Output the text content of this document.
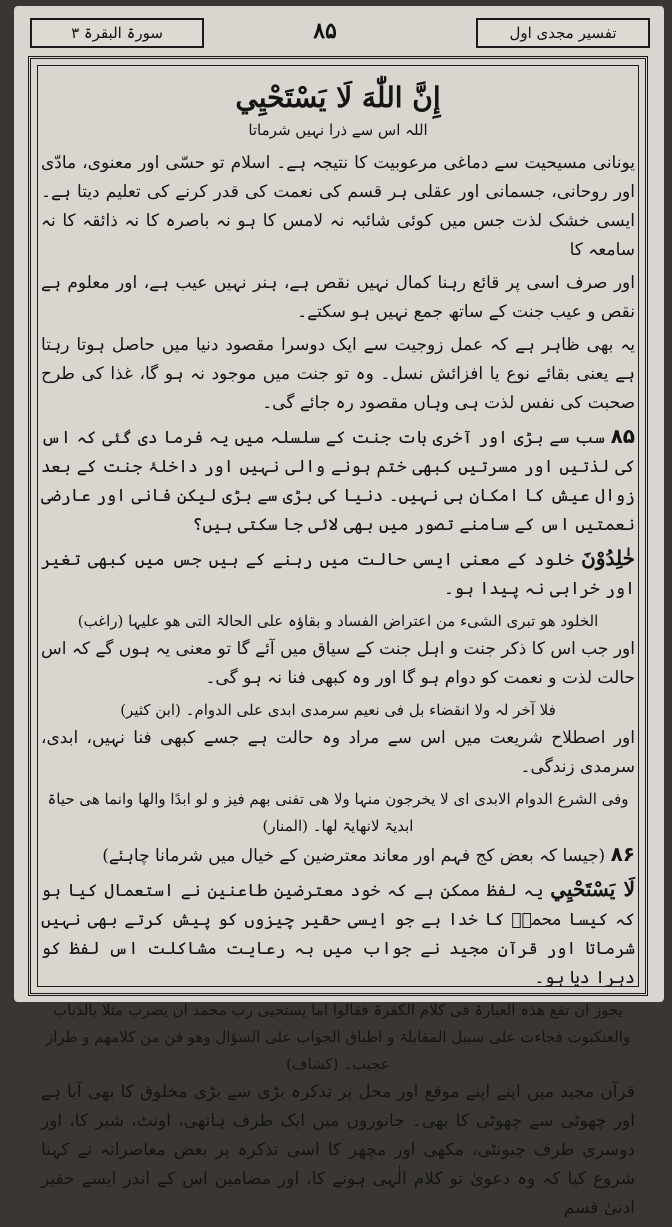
تفسیر مجدی اول
۸۵
سورۃ البقرۃ ۳
إِنَّ اللّٰهَ لَا يَسْتَحْيِي
اللہ اس سے ذرا نہیں شرماتا

یونانی مسیحیت سے دماغی مرعوبیت کا نتیجہ ہے۔ اسلام تو حسّی اور معنوی، مادّی اور روحانی، جسمانی اور عقلی ہر قسم کی نعمت کی قدر کرنے کی تعلیم دیتا ہے۔ ایسی خشک لذت جس میں کوئی شائبہ نہ لامس کا ہو نہ باصرہ کا نہ ذائقہ کا نہ سامعہ کا

اور صرف اسی پر قائع رہنا کمال نہیں نقص ہے، ہنر نہیں عیب ہے، اور معلوم ہے نقص و عیب جنت کے ساتھ جمع نہیں ہو سکتے۔

یہ بھی ظاہر ہے کہ عمل زوجیت سے ایک دوسرا مقصود دنیا میں حاصل ہوتا رہتا ہے یعنی بقائے نوع یا افزائش نسل۔ وہ تو جنت میں موجود نہ ہو گا، غذا کی طرح صحبت کی نفس لذت ہی وہاں مقصود رہ جائے گی۔

۸۵ سب سے بڑی اور آخری بات جنت کے سلسلہ میں یہ فرما دی گئی کہ اس کی لذتیں اور مسرتیں کبھی ختم ہونے والی نہیں اور داخلۂ جنت کے بعد زوال عیش کا امکان ہی نہیں۔ دنیا کی بڑی سے بڑی لیکن فانی اور عارضی نعمتیں اس کے سامنے تصور میں بھی لائی جا سکتی ہیں؟

خٰلِدُوْنَ خلود کے معنی ایسی حالت میں رہنے کے ہیں جس میں کبھی تغیر اور خرابی نہ پیدا ہو۔

الخلود ھو تبری الشیء من اعتراض الفساد و بقاؤہ علی الحالۃ التی ھو علیہا (راغب)

اور جب اس کا ذکر جنت و اہل جنت کے سیاق میں آئے گا تو معنی یہ ہوں گے کہ اس حالت لذت و نعمت کو دوام ہو گا اور وہ کبھی فنا نہ ہو گی۔

فلا آخر لہ ولا انقضاء بل فی نعیم سرمدی ابدی علی الدوام۔ (ابن کثیر)

اور اصطلاح شریعت میں اس سے مراد وہ حالت ہے جسے کبھی فنا نہیں، ابدی، سرمدی زندگی۔

وفی الشرع الدوام الابدی ای لا یخرجون منہا ولا ھی تفنی بھم فیز و لو ابدًا والھا وانما ھی حیاۃ ابدیۃ لانھایۃ لھا۔ (المنار)

۸۶ (جیسا کہ بعض کج فہم اور معاند معترضین کے خیال میں شرمانا چاہئے)

لَا يَسْتَحْيِي یہ لفظ ممکن ہے کہ خود معترضین طاعنین نے استعمال کیا ہو کہ کیسا محمدؐ کا خدا ہے جو ایسی حقیر چیزوں کو پیش کرتے بھی نہیں شرماتا اور قرآن مجید نے جواب میں بہ رعایت مشاکلت اس لفظ کو دہرا دیا ہو۔

یجوز ان تقع ھذہ العبارۃ فی کلام الکفرۃ فقالوا اما یستحیی رب محمد ان یضرب مثلا بالذباب والعنکبوت فجاءت علی سبیل المقابلۃ و اطباق الجواب علی السؤال وھو فن من کلامھم و طراز عجیب۔ (کشاف)

قرآن مجید میں اپنے اپنے موقع اور محل پر تذکرہ بڑی سے بڑی مخلوق کا بھی آیا ہے اور چھوٹی سے چھوٹی کا بھی۔ جانوروں میں ایک طرف ہاتھی، اونٹ، شیر کا، اور دوسری طرف چیونٹی، مکھی اور مچھر کا اسی تذکرہ پر بعض معاصرانہ نے کہنا شروع کیا کہ وہ دعویٰ تو کلام الٰہی ہونے کا، اور مضامین اس کے اندر ایسے حقیر ادنیٰ قسم
